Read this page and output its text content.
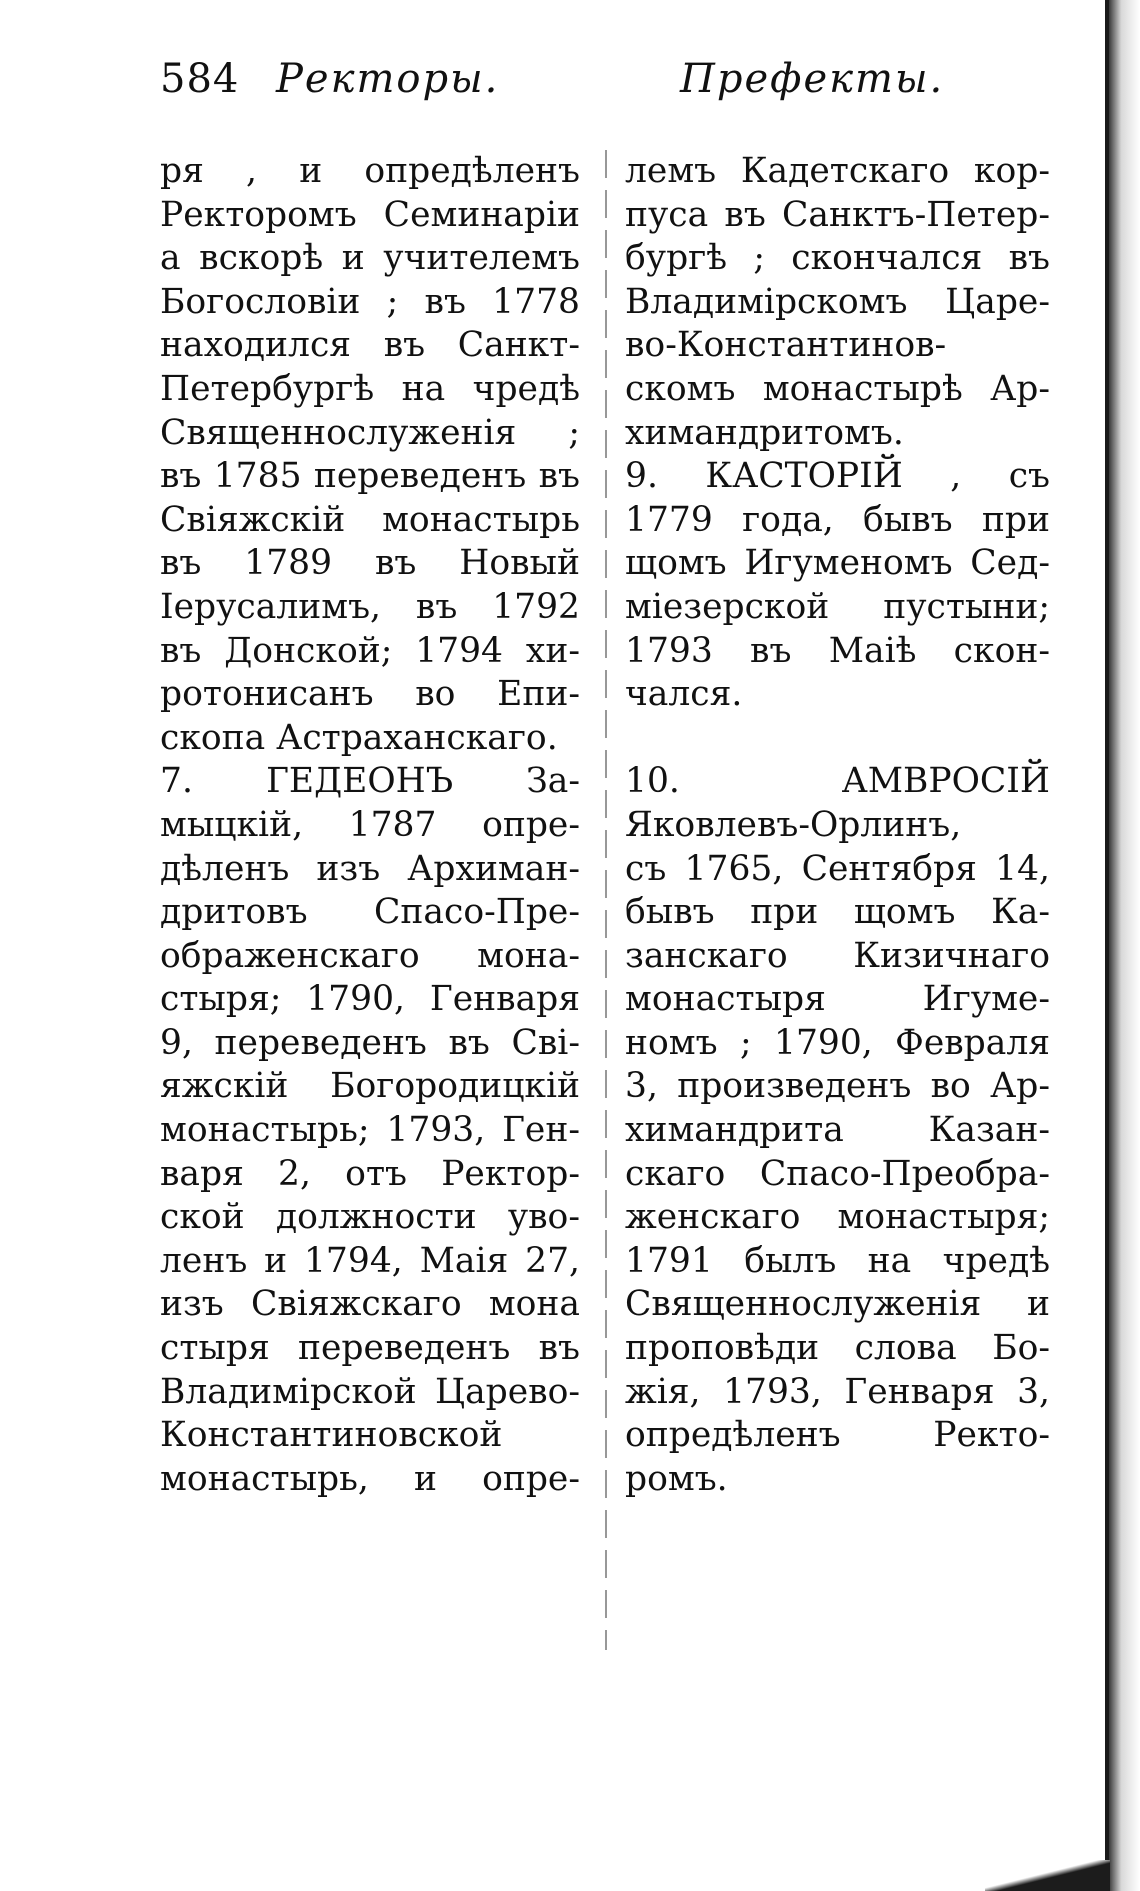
584 Ректоры.	Префекты.
ря , и опредѣленъ
Ректоромъ Семинаріи
а вскорѣ и учителемъ
Богословіи ; въ 1778
находился въ Санкт-
Петербургѣ на чредѣ
Священнослуженія ;
въ 1785 переведенъ въ
Свіяжскій монастырь
въ 1789 въ Новый
Іерусалимъ, въ 1792
въ Донской; 1794 хи-
ротонисанъ во Епи-
скопа Астраханскаго.
7. ГЕДЕОНЪ За-
мыцкій, 1787 опре-
дѣленъ изъ Архиман-
дритовъ Спасо-Пре-
ображенскаго мона-
стыря; 1790, Генваря
9, переведенъ въ Свi-
яжскій Богородицкій
монастырь; 1793, Ген-
варя 2, отъ Ректор-
ской должности уво-
ленъ и 1794, Маія 27,
изъ Свіяжскаго мона
стыря переведенъ въ
Владимірской Царево-
Константиновской
монастырь, и опре-
лемъ Кадетскаго кор-
пуса въ Санктъ-Петер-
бургѣ ; скончался въ
Владимірскомъ Царе-
во-Константинов-
скомъ монастырѣ Ар-
химандритомъ.
9. КАСТОРІЙ , съ
1779 года, бывъ при
щомъ Игуменомъ Сед-
міезерской пустыни;
1793 въ Маіѣ скон-
чался.
10. АМВРОСІЙ
Яковлевъ-Орлинъ,
съ 1765, Сентября 14,
бывъ при щомъ Ка-
занскаго Кизичнаго
монастыря Игуме-
номъ ; 1790, Февраля
3, произведенъ во Ар-
химандрита Казан-
скаго Спасо-Преобра-
женскаго монастыря;
1791 былъ на чредѣ
Священнослуженія и
проповѣди слова Бо-
жія, 1793, Генваря 3,
опредѣленъ Ректо-
ромъ.
